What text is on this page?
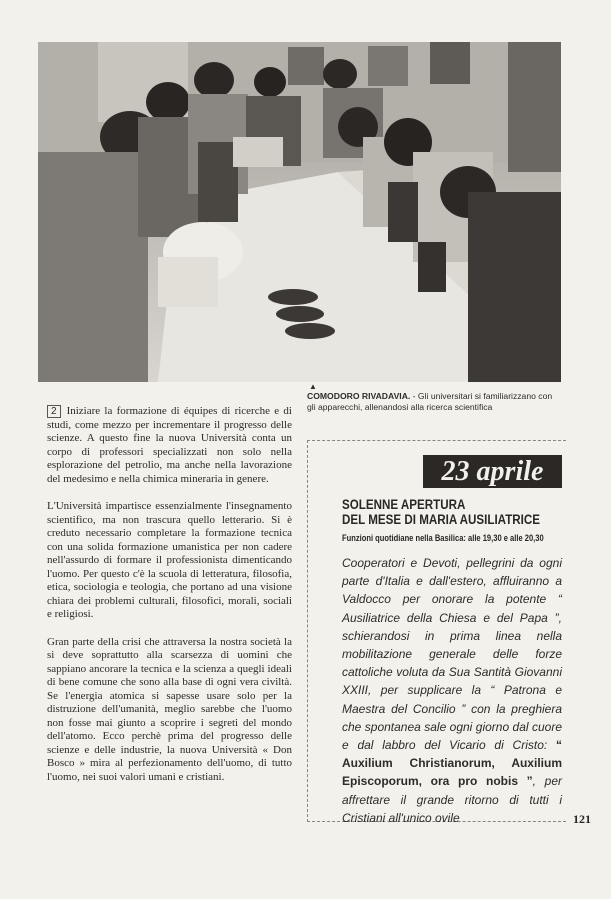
▲
COMODORO RIVADAVIA. - Gli universitari si familiarizzano con gli apparecchi, allenandosi alla ricerca scientifica

2 Iniziare la formazione di équipes di ricerche e di studi, come mezzo per incrementare il progresso delle scienze. A questo fine la nuova Università conta un corpo di professori specializzati non solo nella esplorazione del petrolio, ma anche nella lavorazione del medesimo e nella chimica mineraria in genere.

L'Università impartisce essenzialmente l'insegnamento scientifico, ma non trascura quello letterario. Si è creduto necessario completare la formazione tecnica con una solida formazione umanistica per non cadere nell'assurdo di formare il professionista dimenticando l'uomo. Per questo c'è la scuola di letteratura, filosofia, etica, sociologia e teologia, che portano ad una visione chiara dei problemi culturali, filosofici, morali, sociali e religiosi.

Gran parte della crisi che attraversa la nostra società la si deve soprattutto alla scarsezza di uomini che sappiano ancorare la tecnica e la scienza a quegli ideali di bene comune che sono alla base di ogni vera civiltà. Se l'energia atomica si sapesse usare solo per la distruzione dell'umanità, meglio sarebbe che l'uomo non fosse mai giunto a scoprire i segreti del mondo dell'atomo. Ecco perchè prima del progresso delle scienze e delle industrie, la nuova Università « Don Bosco » mira al perfezionamento dell'uomo, di tutto l'uomo, nei suoi valori umani e cristiani.

23 aprile
SOLENNE APERTURA
DEL MESE DI MARIA AUSILIATRICE
Funzioni quotidiane nella Basilica: alle 19,30 e alle 20,30
Cooperatori e Devoti, pellegrini da ogni parte d'Italia e dall'estero, affluiranno a Valdocco per onorare la potente “ Ausiliatrice della Chiesa e del Papa ”, schierandosi in prima linea nella mobilitazione generale delle forze cattoliche voluta da Sua Santità Giovanni XXIII, per supplicare la “ Patrona e Maestra del Concilio ” con la preghiera che spontanea sale ogni giorno dal cuore e dal labbro del Vicario di Cristo: “ Auxilium Christianorum, Auxilium Episcoporum, ora pro nobis ”, per affrettare il grande ritorno di tutti i Cristiani all'unico ovile	121
